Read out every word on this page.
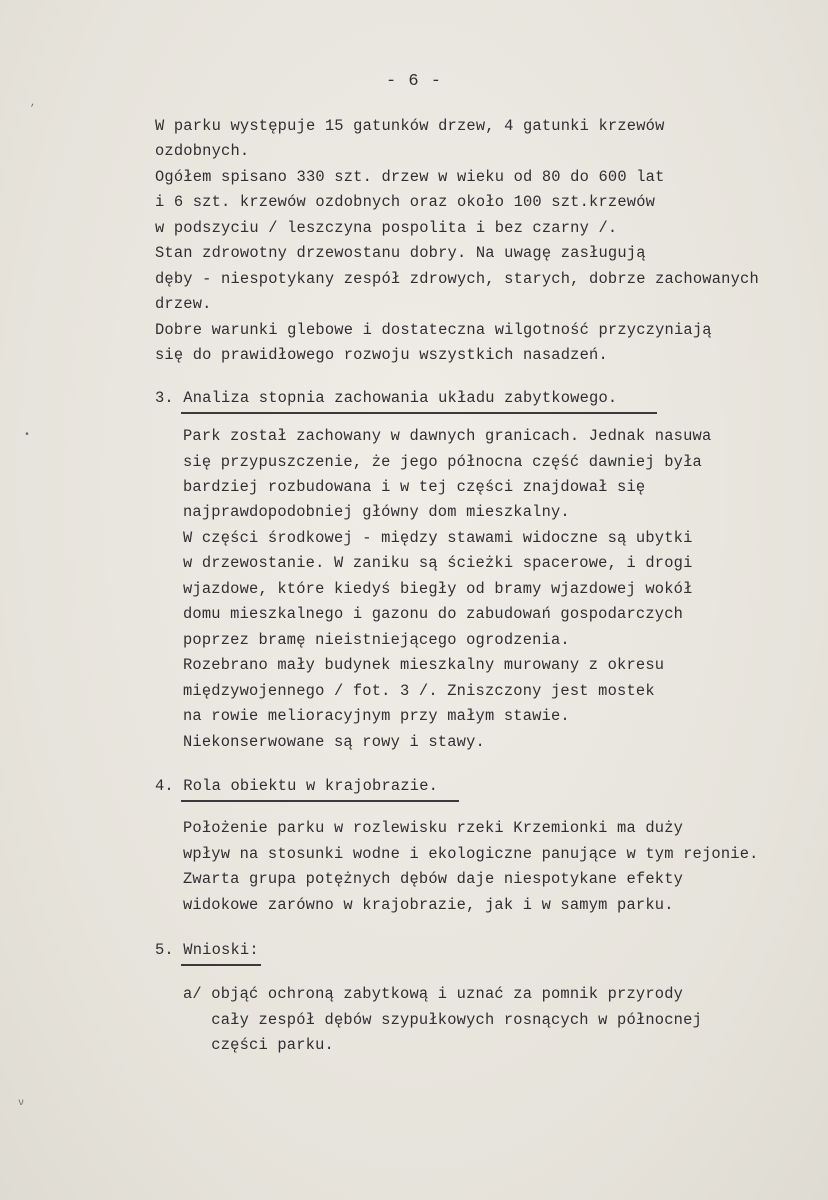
- 6 -
W parku występuje 15 gatunków drzew, 4 gatunki krzewów
ozdobnych.
Ogółem spisano 330 szt. drzew w wieku od 80 do 600 lat
i 6 szt. krzewów ozdobnych oraz około 100 szt.krzewów
w podszyciu / leszczyna pospolita i bez czarny /.
Stan zdrowotny drzewostanu dobry. Na uwagę zasługują
dęby - niespotykany zespół zdrowych, starych, dobrze zachowanych
drzew.
Dobre warunki glebowe i dostateczna wilgotność przyczyniają
się do prawidłowego rozwoju wszystkich nasadzeń.
3. Analiza stopnia zachowania układu zabytkowego.
Park został zachowany w dawnych granicach. Jednak nasuwa
się przypuszczenie, że jego północna część dawniej była
bardziej rozbudowana i w tej części znajdował się
najprawdopodobniej główny dom mieszkalny.
W części środkowej - między stawami widoczne są ubytki
w drzewostanie. W zaniku są ścieżki spacerowe, i drogi
wjazdowe, które kiedyś biegły od bramy wjazdowej wokół
domu mieszkalnego i gazonu do zabudowań gospodarczych
poprzez bramę nieistniejącego ogrodzenia.
Rozebrano mały budynek mieszkalny murowany z okresu
międzywojennego / fot. 3 /. Zniszczony jest mostek
na rowie melioracyjnym przy małym stawie.
Niekonserwowane są rowy i stawy.
4. Rola obiektu w krajobrazie.
Położenie parku w rozlewisku rzeki Krzemionki ma duży
wpływ na stosunki wodne i ekologiczne panujące w tym rejonie.
Zwarta grupa potężnych dębów daje niespotykane efekty
widokowe zarówno w krajobrazie, jak i w samym parku.
5. Wnioski:
a/ objąć ochroną zabytkową i uznać za pomnik przyrody
cały zespół dębów szypułkowych rosnących w północnej
części parku.
,
•
ν
